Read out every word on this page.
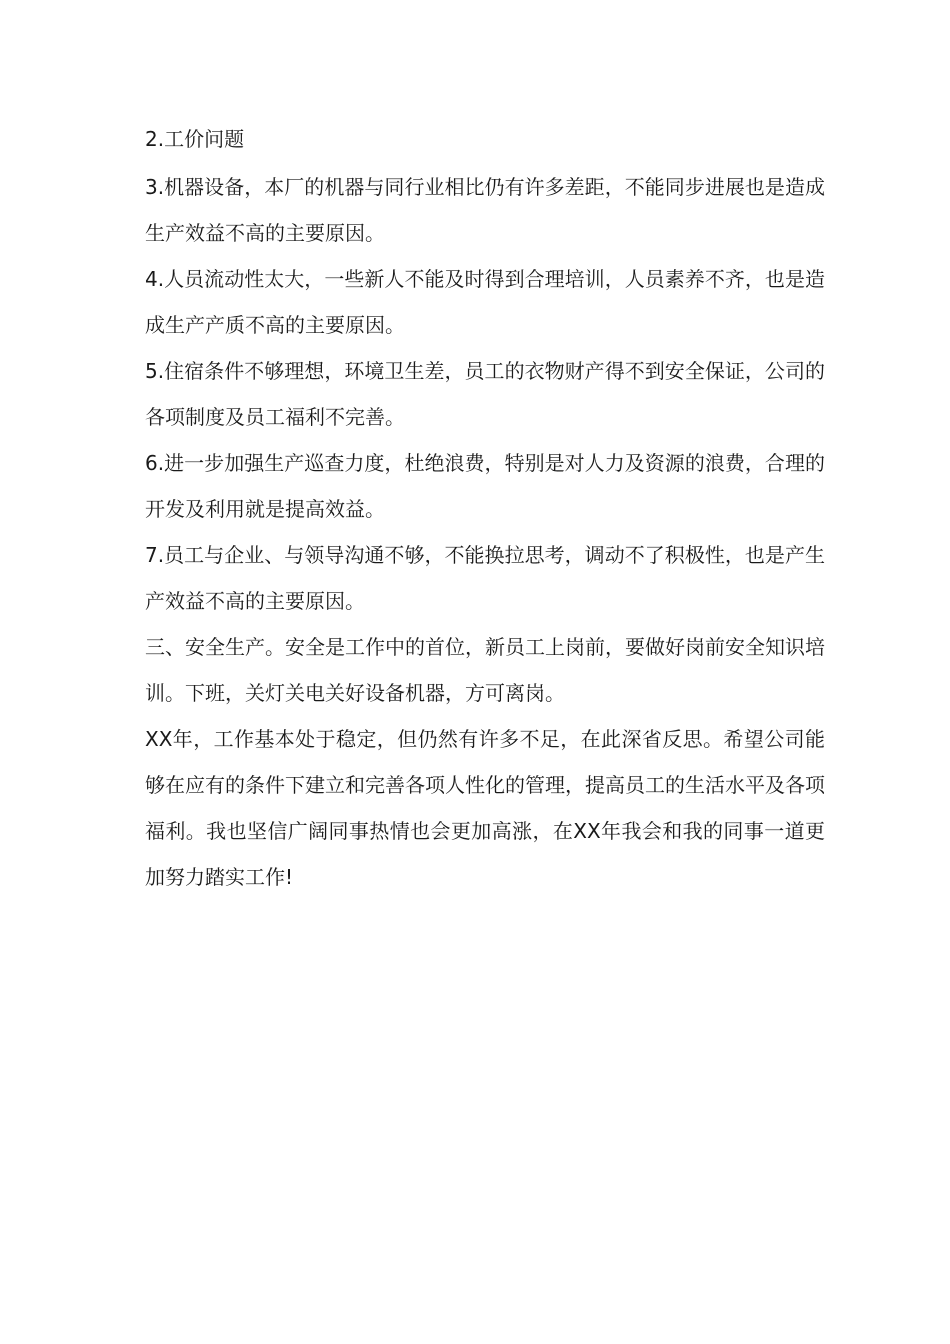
2.工价问题

3.机器设备，本厂的机器与同行业相比仍有许多差距，不能同步进展也是造成生产效益不高的主要原因。

4.人员流动性太大，一些新人不能及时得到合理培训，人员素养不齐，也是造成生产产质不高的主要原因。

5.住宿条件不够理想，环境卫生差，员工的衣物财产得不到安全保证，公司的各项制度及员工福利不完善。

6.进一步加强生产巡查力度，杜绝浪费，特别是对人力及资源的浪费，合理的开发及利用就是提高效益。

7.员工与企业、与领导沟通不够，不能换拉思考，调动不了积极性，也是产生产效益不高的主要原因。

三、安全生产。安全是工作中的首位，新员工上岗前，要做好岗前安全知识培训。下班，关灯关电关好设备机器，方可离岗。

XX年，工作基本处于稳定，但仍然有许多不足，在此深省反思。希望公司能够在应有的条件下建立和完善各项人性化的管理，提高员工的生活水平及各项福利。我也坚信广阔同事热情也会更加高涨，在XX年我会和我的同事一道更加努力踏实工作!
